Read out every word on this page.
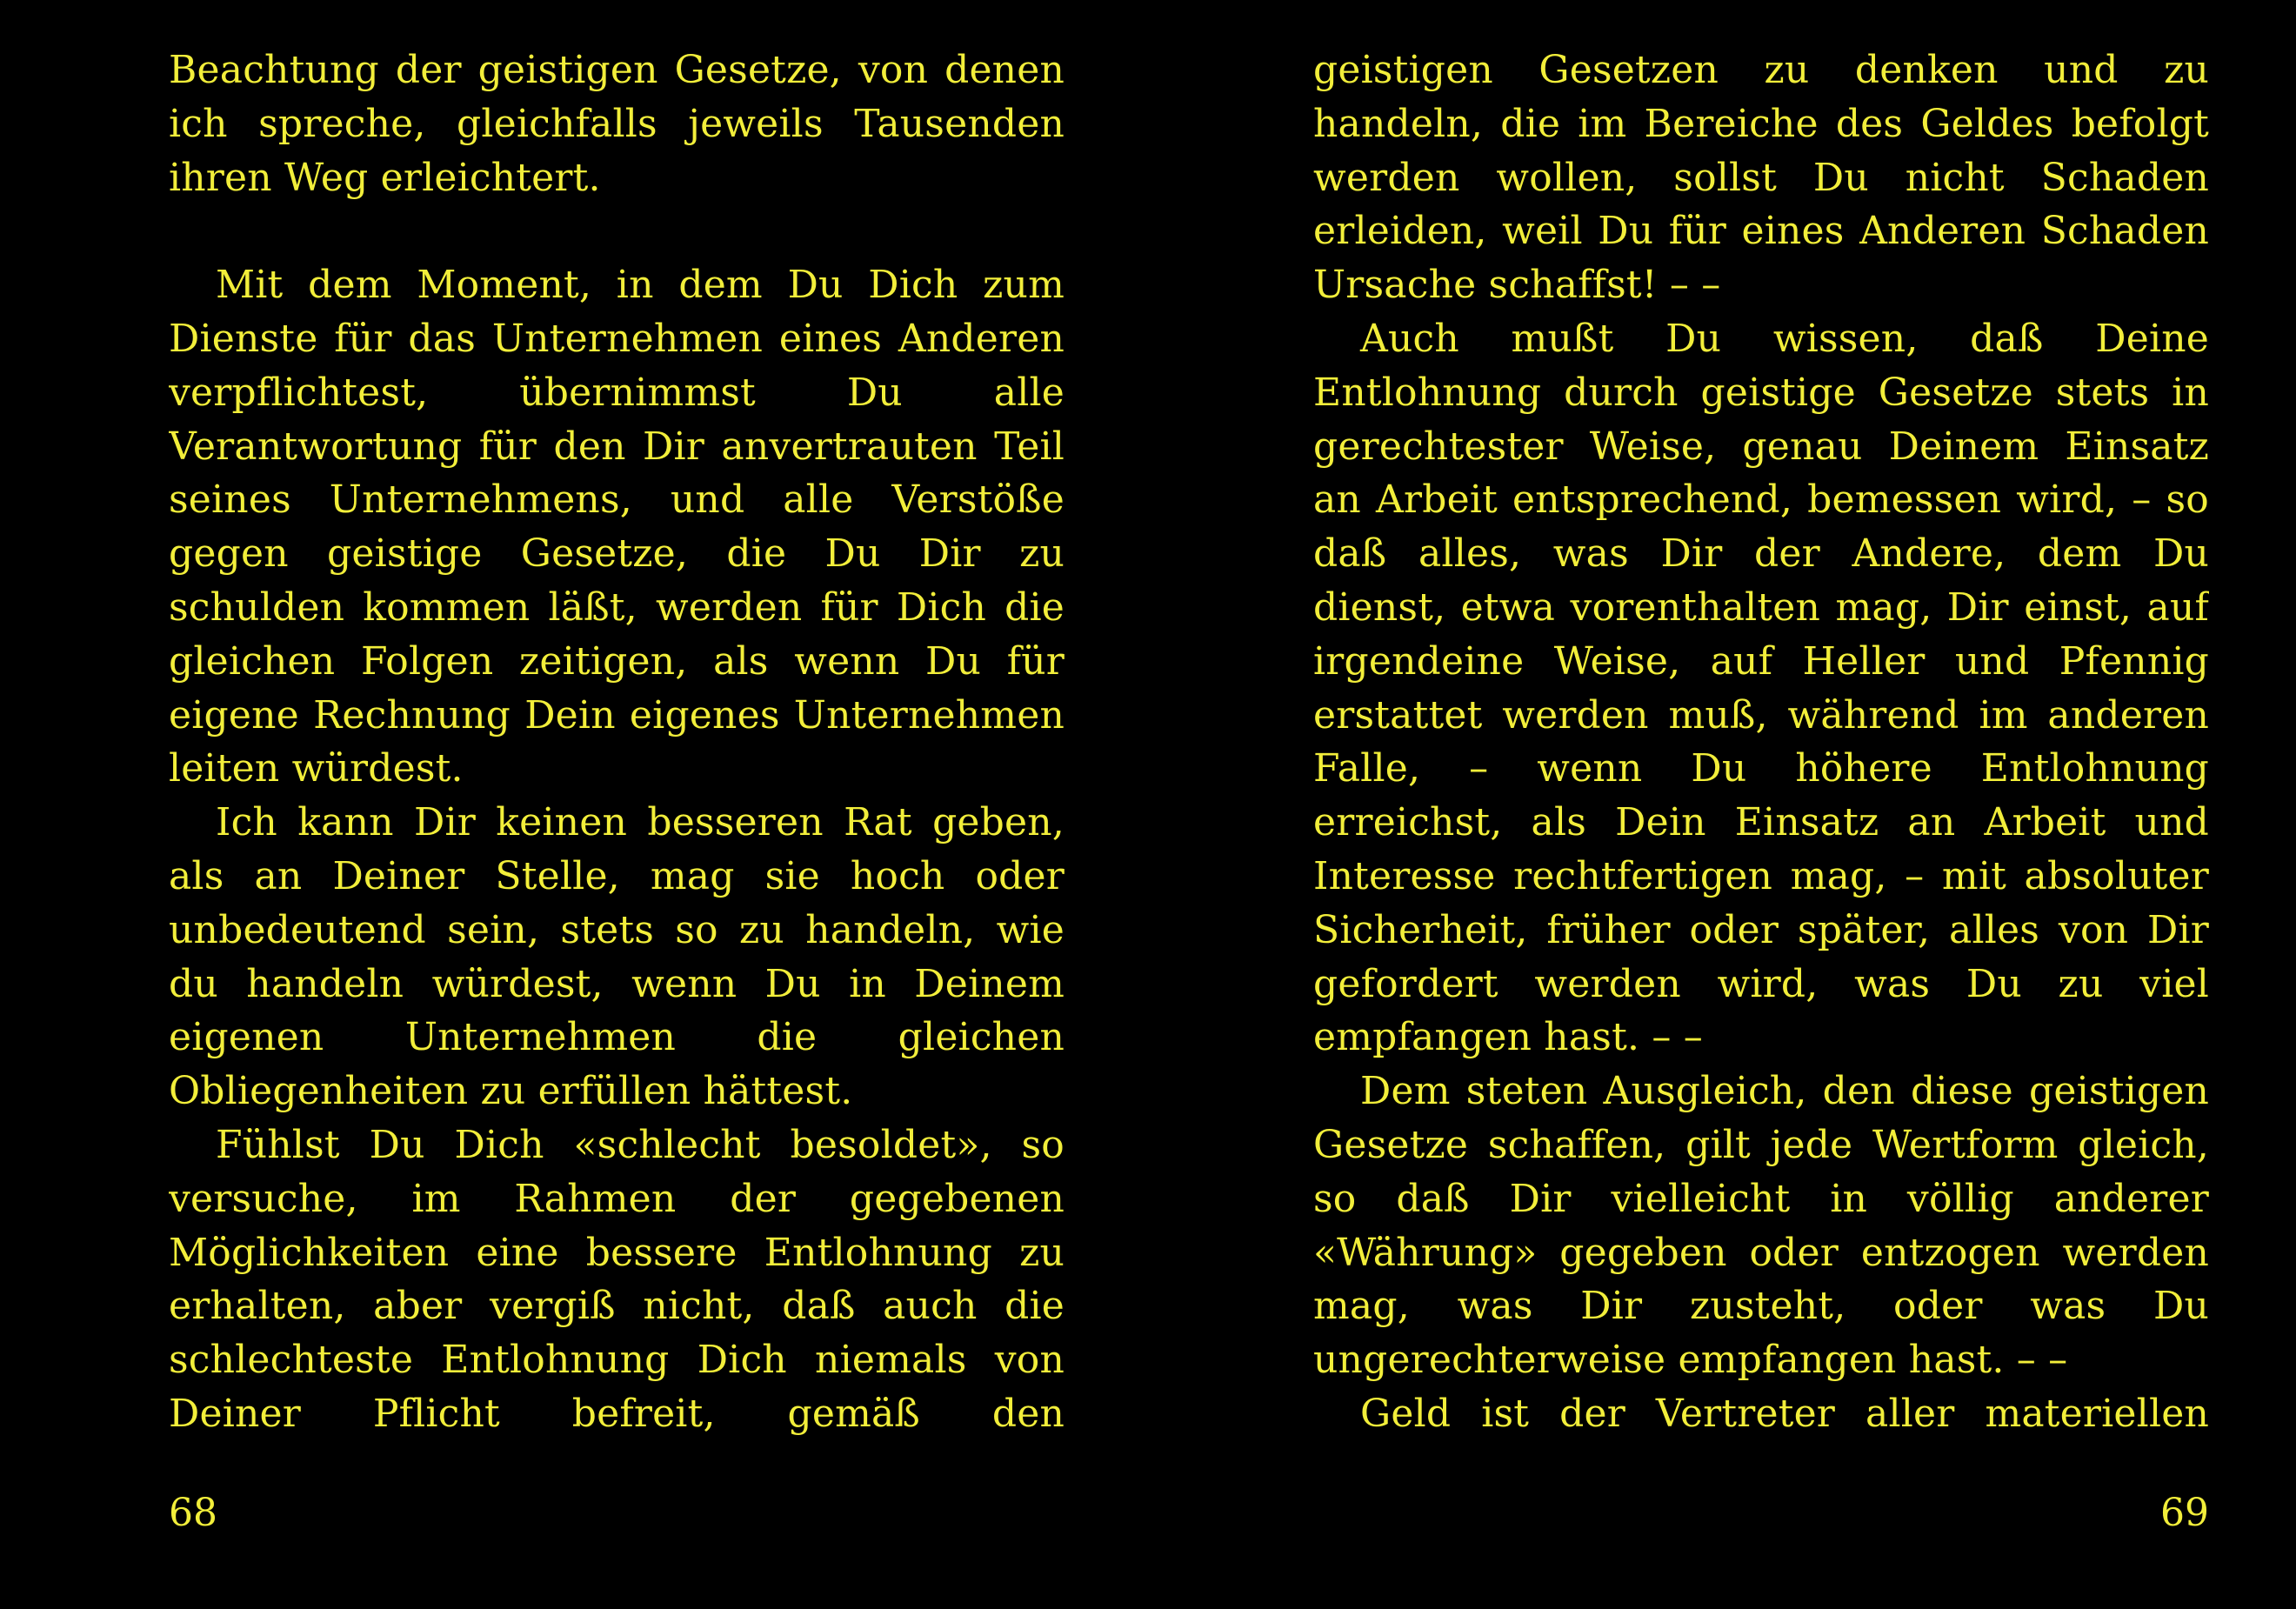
Beachtung der geistigen Gesetze, von denen ich spreche, gleichfalls jeweils Tausenden ihren Weg erleichtert.

Mit dem Moment, in dem Du Dich zum Dienste für das Unternehmen eines Anderen verpflichtest, übernimmst Du alle Verantwortung für den Dir anvertrauten Teil seines Unternehmens, und alle Verstöße gegen geistige Gesetze, die Du Dir zu schulden kommen läßt, werden für Dich die gleichen Folgen zeitigen, als wenn Du für eigene Rechnung Dein eigenes Unternehmen leiten würdest.

Ich kann Dir keinen besseren Rat geben, als an Deiner Stelle, mag sie hoch oder unbedeutend sein, stets so zu handeln, wie du handeln würdest, wenn Du in Deinem eigenen Unternehmen die gleichen Obliegenheiten zu erfüllen hättest.

Fühlst Du Dich «schlecht besoldet», so versuche, im Rahmen der gegebenen Möglichkeiten eine bessere Entlohnung zu erhalten, aber vergiß nicht, daß auch die schlechteste Entlohnung Dich niemals von Deiner Pflicht befreit, gemäß den

68

geistigen Gesetzen zu denken und zu handeln, die im Bereiche des Geldes befolgt werden wollen, sollst Du nicht Schaden erleiden, weil Du für eines Anderen Schaden Ursache schaffst! – –

Auch mußt Du wissen, daß Deine Entlohnung durch geistige Gesetze stets in gerechtester Weise, genau Deinem Einsatz an Arbeit entsprechend, bemessen wird, – so daß alles, was Dir der Andere, dem Du dienst, etwa vorenthalten mag, Dir einst, auf irgendeine Weise, auf Heller und Pfennig erstattet werden muß, während im anderen Falle, – wenn Du höhere Entlohnung erreichst, als Dein Einsatz an Arbeit und Interesse rechtfertigen mag, – mit absoluter Sicherheit, früher oder später, alles von Dir gefordert werden wird, was Du zu viel empfangen hast. – –

Dem steten Ausgleich, den diese geistigen Gesetze schaffen, gilt jede Wertform gleich, so daß Dir vielleicht in völlig anderer «Währung» gegeben oder entzogen werden mag, was Dir zusteht, oder was Du ungerechterweise empfangen hast. – –

Geld ist der Vertreter aller materiellen

69
